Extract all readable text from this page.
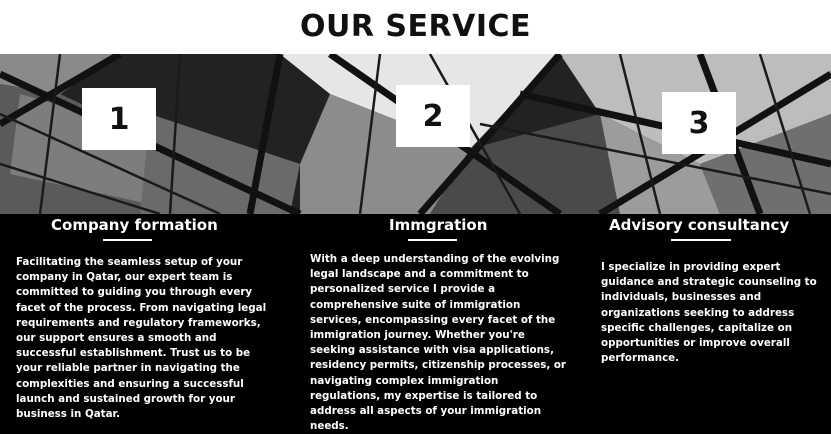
OUR SERVICE
1	2	3
Company formation

Facilitating the seamless setup of your company in Qatar, our expert team is committed to guiding you through every facet of the process. From navigating legal requirements and regulatory frameworks, our support ensures a smooth and successful establishment. Trust us to be your reliable partner in navigating the complexities and ensuring a successful launch and sustained growth for your business in Qatar.

Immgration

With a deep understanding of the evolving legal landscape and a commitment to personalized service I provide a comprehensive suite of immigration services, encompassing every facet of the immigration journey. Whether you're seeking assistance with visa applications, residency permits, citizenship processes, or navigating complex immigration regulations, my expertise is tailored to address all aspects of your immigration needs.

Advisory consultancy

I specialize in providing expert guidance and strategic counseling to individuals, businesses and organizations seeking to address specific challenges, capitalize on opportunities or improve overall performance.
